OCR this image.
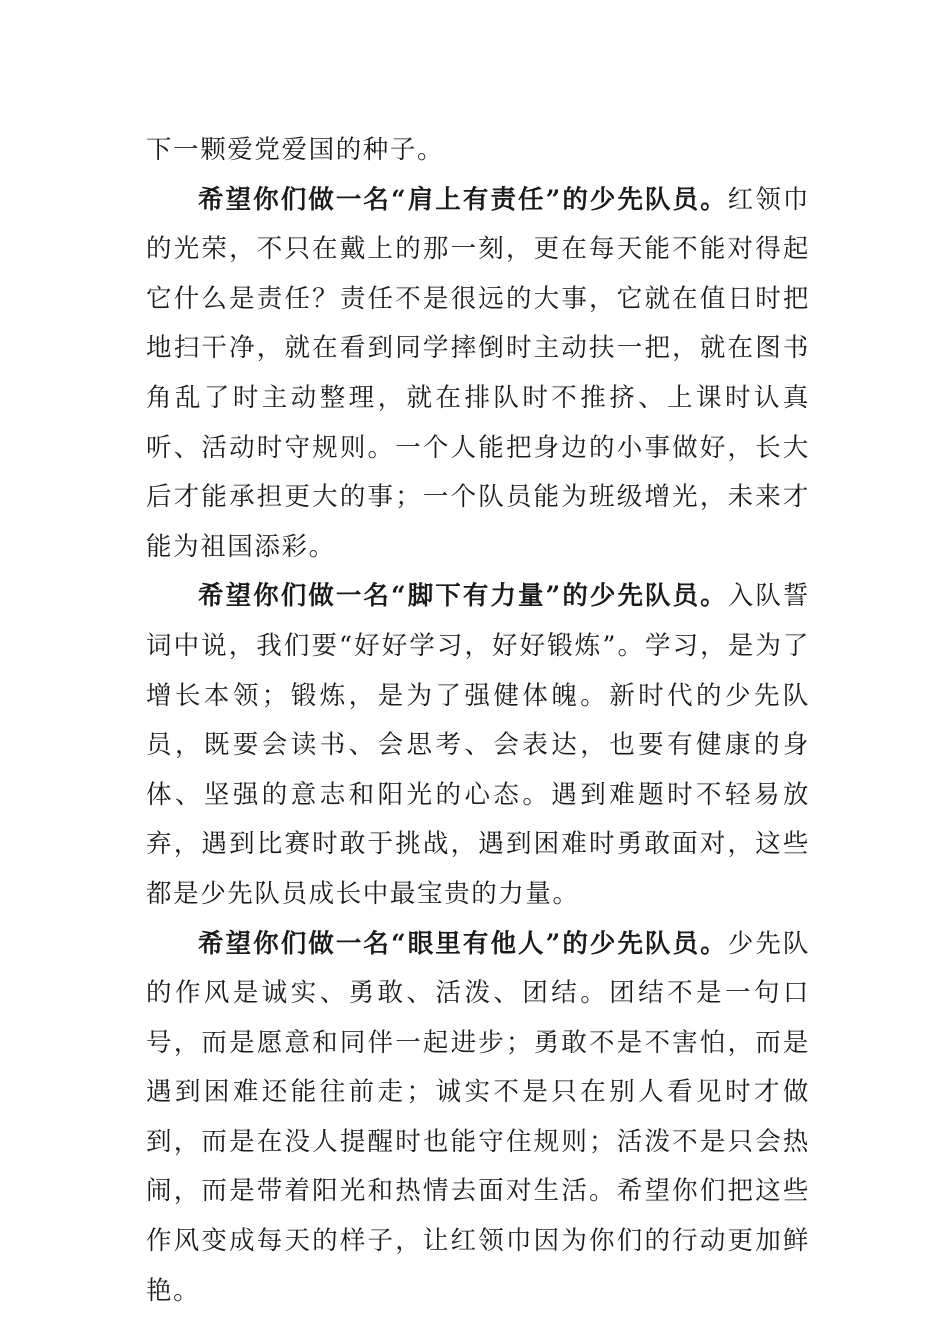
下一颗爱党爱国的种子。

希望你们做一名“肩上有责任”的少先队员。红领巾的光荣，不只在戴上的那一刻，更在每天能不能对得起它什么是责任？责任不是很远的大事，它就在值日时把地扫干净，就在看到同学摔倒时主动扶一把，就在图书角乱了时主动整理，就在排队时不推挤、上课时认真听、活动时守规则。一个人能把身边的小事做好，长大后才能承担更大的事；一个队员能为班级增光，未来才能为祖国添彩。

希望你们做一名“脚下有力量”的少先队员。入队誓词中说，我们要“好好学习，好好锻炼”。学习，是为了增长本领；锻炼，是为了强健体魄。新时代的少先队员，既要会读书、会思考、会表达，也要有健康的身体、坚强的意志和阳光的心态。遇到难题时不轻易放弃，遇到比赛时敢于挑战，遇到困难时勇敢面对，这些都是少先队员成长中最宝贵的力量。

希望你们做一名“眼里有他人”的少先队员。少先队的作风是诚实、勇敢、活泼、团结。团结不是一句口号，而是愿意和同伴一起进步；勇敢不是不害怕，而是遇到困难还能往前走；诚实不是只在别人看见时才做到，而是在没人提醒时也能守住规则；活泼不是只会热闹，而是带着阳光和热情去面对生活。希望你们把这些作风变成每天的样子，让红领巾因为你们的行动更加鲜艳。
